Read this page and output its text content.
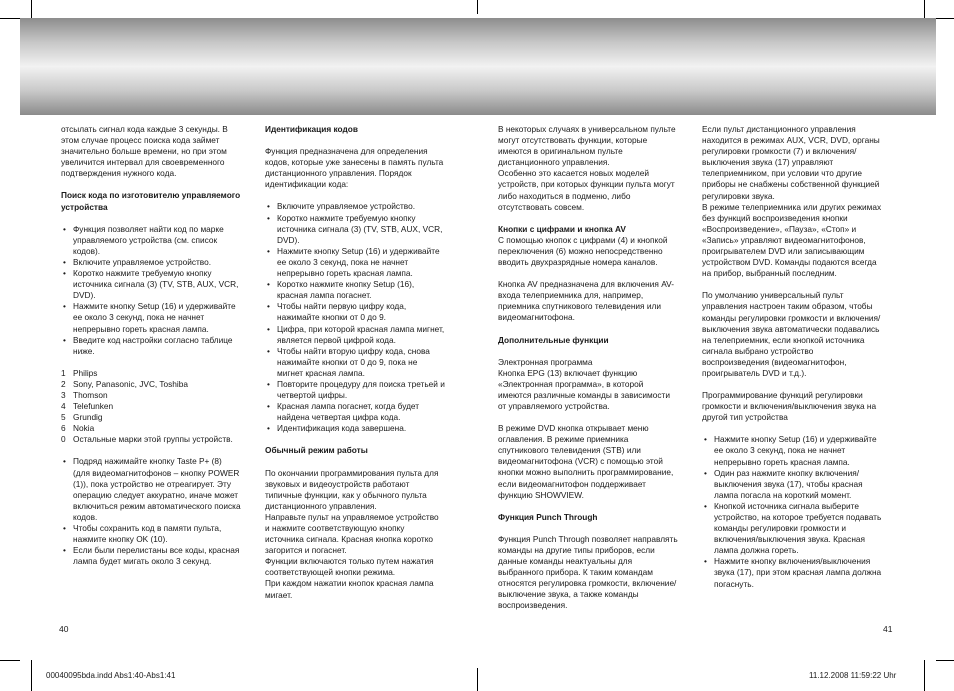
отсылать сигнал кода каждые 3 секунды. В этом случае процесс поиска кода займет значительно больше времени, но при этом увеличится интервал для своевременного подтверждения нужного кода.

Поиск кода по изготовителю управляемого устройства

• Функция позволяет найти код по марке управляемого устройства (см. список кодов).

• Включите управляемое устройство.

• Коротко нажмите требуемую кнопку источника сигнала (3) (TV, STB, AUX, VCR, DVD).

• Нажмите кнопку Setup (16) и удерживайте ее около 3 секунд, пока не начнет непрерывно гореть красная лампа.

• Введите код настройки согласно таблице ниже.

1 Philips

2 Sony, Panasonic, JVC, Toshiba

3 Thomson

4 Telefunken

5 Grundig

6 Nokia

0 Остальные марки этой группы устройств.

• Подряд нажимайте кнопку Taste P+ (8) (для видеомагнитофонов – кнопку POWER (1)), пока устройство не отреагирует. Эту операцию следует аккуратно, иначе может включиться режим автоматического поиска кодов.

• Чтобы сохранить код в памяти пульта, нажмите кнопку OK (10).

• Если были перелистаны все коды, красная лампа будет мигать около 3 секунд.

Идентификация кодов

Функция предназначена для определения кодов, которые уже занесены в память пульта дистанционного управления. Порядок идентификации кода:

• Включите управляемое устройство.

• Коротко нажмите требуемую кнопку источника сигнала (3) (TV, STB, AUX, VCR, DVD).

• Нажмите кнопку Setup (16) и удерживайте ее около 3 секунд, пока не начнет непрерывно гореть красная лампа.

• Коротко нажмите кнопку Setup (16), красная лампа погаснет.

• Чтобы найти первую цифру кода, нажимайте кнопки от 0 до 9.

• Цифра, при которой красная лампа мигнет, является первой цифрой кода.

• Чтобы найти вторую цифру кода, снова нажимайте кнопки от 0 до 9, пока не мигнет красная лампа.

• Повторите процедуру для поиска третьей и четвертой цифры.

• Красная лампа погаснет, когда будет найдена четвертая цифра кода.

• Идентификация кода завершена.

Обычный режим работы

По окончании программирования пульта для звуковых и видеоустройств работают типичные функции, как у обычного пульта дистанционного управления.

Направьте пульт на управляемое устройство и нажмите соответствующую кнопку источника сигнала. Красная кнопка коротко загорится и погаснет.

Функции включаются только путем нажатия соответствующей кнопки режима.

При каждом нажатии кнопок красная лампа мигает.

В некоторых случаях в универсальном пульте могут отсутствовать функции, которые имеются в оригинальном пульте дистанционного управления.

Особенно это касается новых моделей устройств, при которых функции пульта могут либо находиться в подменю, либо отсутствовать совсем.

Кнопки с цифрами и кнопка AV

С помощью кнопок с цифрами (4) и кнопкой переключения (6) можно непосредственно вводить двухразрядные номера каналов.

Кнопка AV предназначена для включения AV-входа телеприемника для, например, приемника спутникового телевидения или видеомагнитофона.

Дополнительные функции

Электронная программа

Кнопка EPG (13) включает функцию «Электронная программа», в которой имеются различные команды в зависимости от управляемого устройства.

В режиме DVD кнопка открывает меню оглавления. В режиме приемника спутникового телевидения (STB) или видеомагнитофона (VCR) с помощью этой кнопки можно выполнить программирование, если видеомагнитофон поддерживает функцию SHOWVIEW.

Функция Punch Through

Функция Punch Through позволяет направлять команды на другие типы приборов, если данные команды неактуальны для выбранного прибора. К таким командам относятся регулировка громкости, включение/выключение звука, а также команды воспроизведения.

Если пульт дистанционного управления находится в режимах AUX, VCR, DVD, органы регулировки громкости (7) и включения/выключения звука (17) управляют телеприемником, при условии что другие приборы не снабжены собственной функцией регулировки звука.

В режиме телеприемника или других режимах без функций воспроизведения кнопки «Воспроизведение», «Пауза», «Стоп» и «Запись» управляют видеомагнитофонов, проигрывателем DVD или записывающим устройством DVD. Команды подаются всегда на прибор, выбранный последним.

По умолчанию универсальный пульт управления настроен таким образом, чтобы команды регулировки громкости и включения/выключения звука автоматически подавались на телеприемник, если кнопкой источника сигнала выбрано устройство воспроизведения (видеомагнитофон, проигрыватель DVD и т.д.).

Программирование функций регулировки громкости и включения/выключения звука на другой тип устройства

• Нажмите кнопку Setup (16) и удерживайте ее около 3 секунд, пока не начнет непрерывно гореть красная лампа.

• Один раз нажмите кнопку включения/выключения звука (17), чтобы красная лампа погасла на короткий момент.

• Кнопкой источника сигнала выберите устройство, на которое требуется подавать команды регулировки громкости и включения/выключения звука. Красная лампа должна гореть.

• Нажмите кнопку включения/выключения звука (17), при этом красная лампа должна погаснуть.

40	41
00040095bda.indd Abs1:40-Abs1:41	11.12.2008 11:59:22 Uhr
